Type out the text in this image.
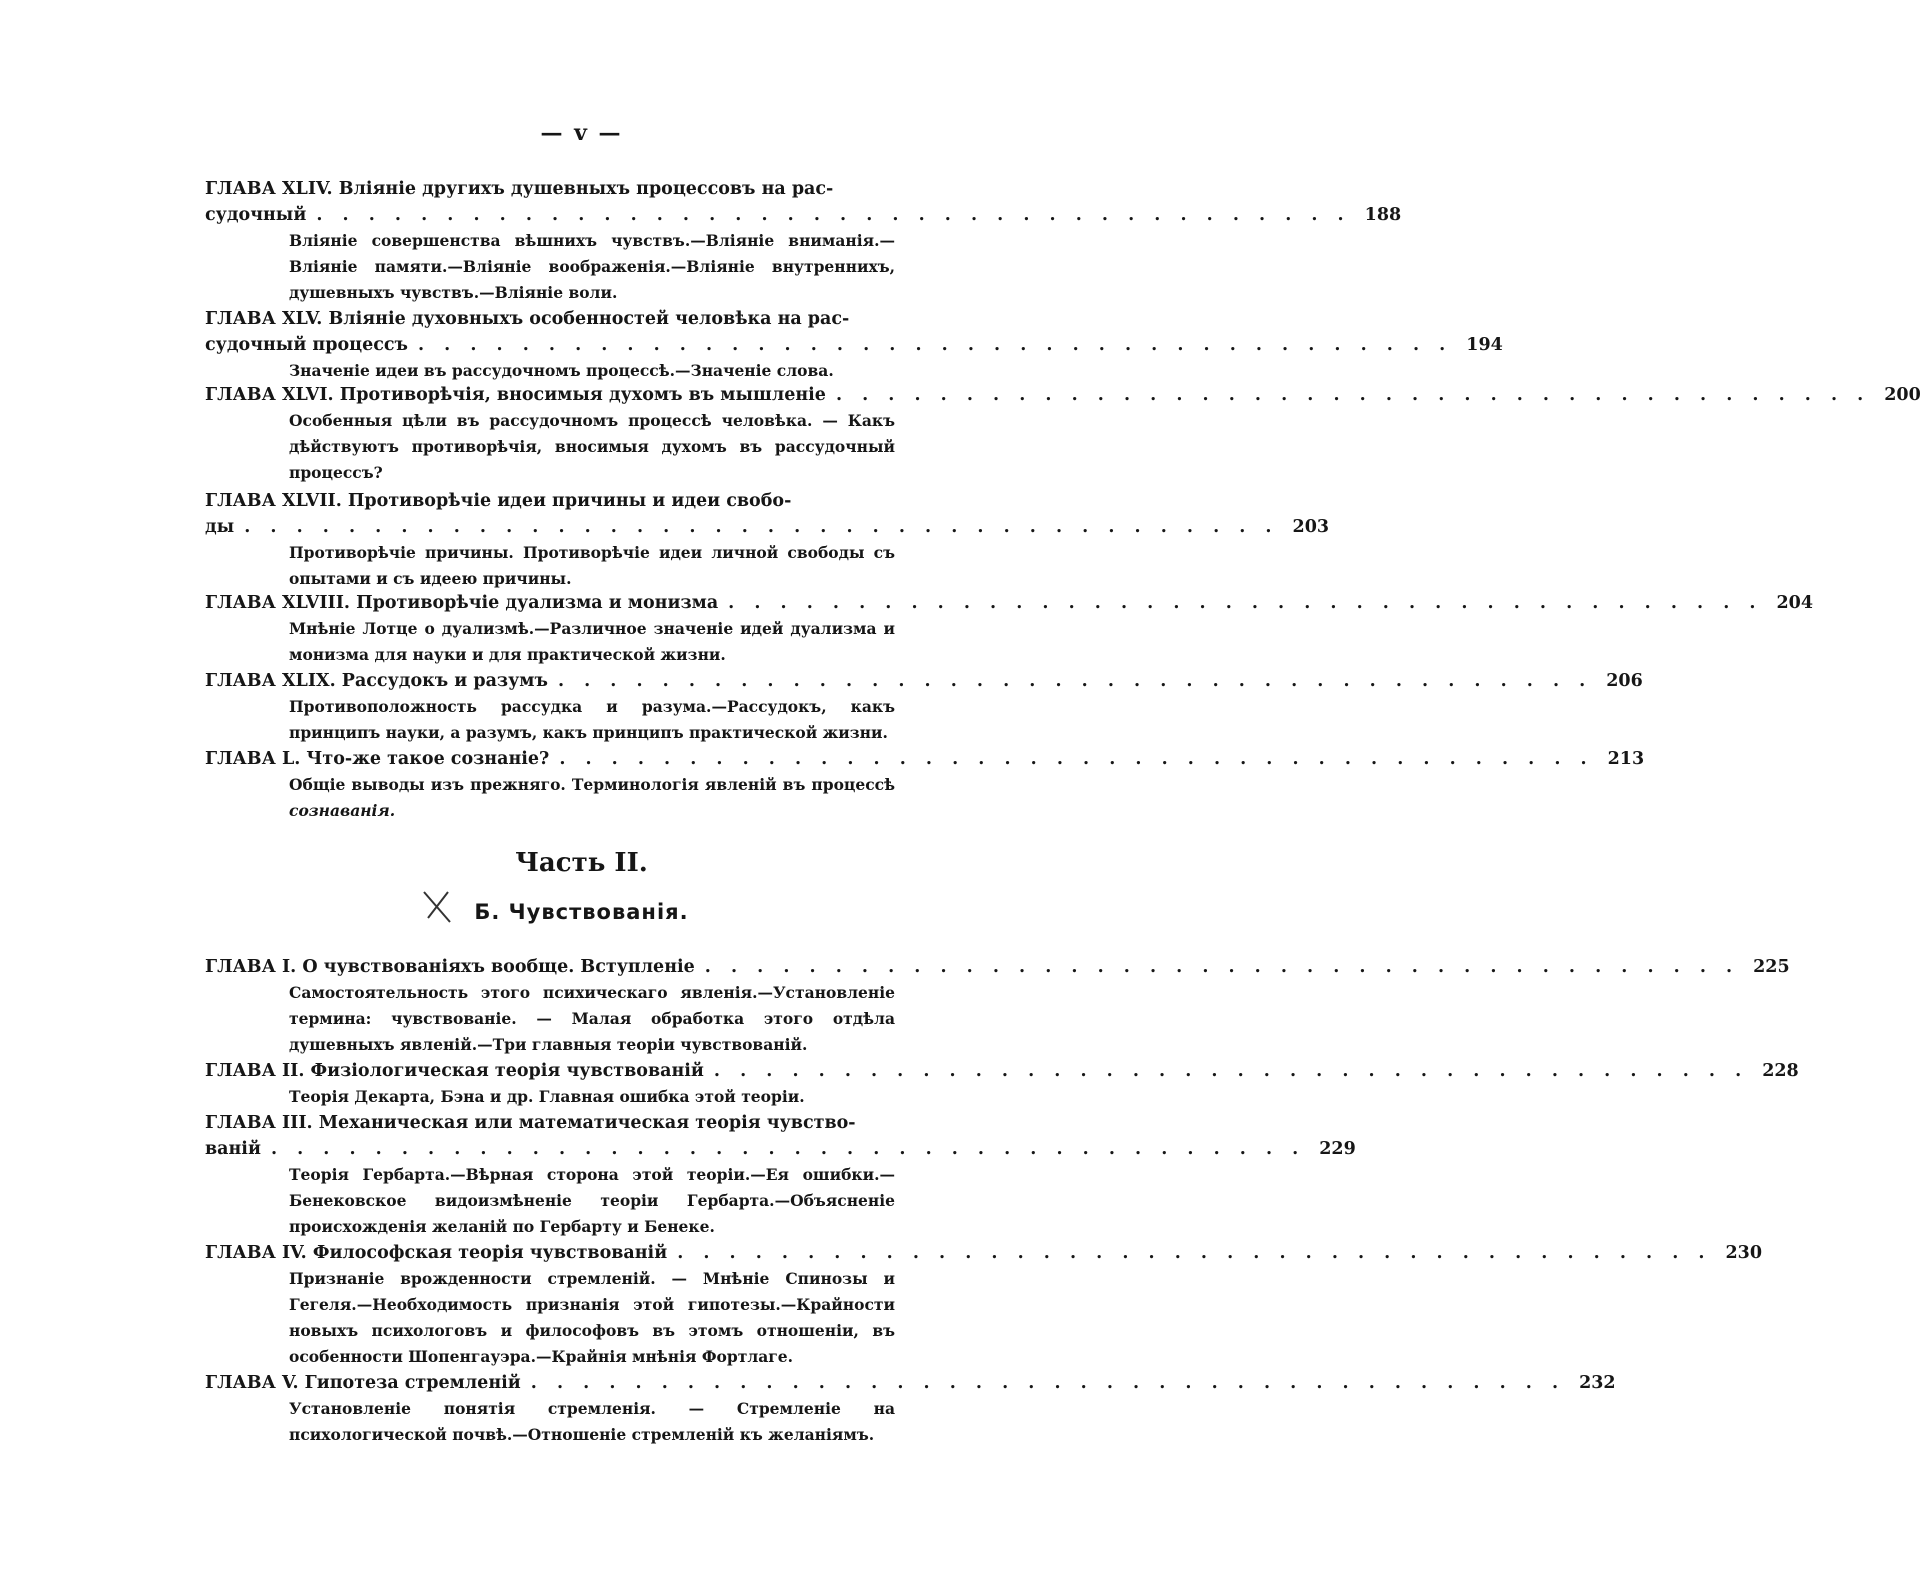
— v —
ГЛАВА XLIV. Вліяніе другихъ душевныхъ процессовъ на рас-
судочный . . . . . . . . . . . . . . . . . . . . . . . . . . . . . . . . . . . . . . . . 188
Вліяніе совершенства вѣшнихъ чувствъ.—Вліяніе вниманія.—Вліяніе памяти.—Вліяніе воображенія.—Вліяніе внутреннихъ, душевныхъ чувствъ.—Вліяніе воли.
ГЛАВА XLV. Вліяніе духовныхъ особенностей человѣка на рас-
судочный процессъ . . . . . . . . . . . . . . . . . . . . . . . . . . . . . . . . . . . . . . . . 194
Значеніе идеи въ рассудочномъ процессѣ.—Значеніе слова.
ГЛАВА XLVI. Противорѣчія, вносимыя духомъ въ мышленіе . . . . . . . . . . . . . . . . . . . . . . . . . . . . . . . . . . . . . . . . 200
Особенныя цѣли въ рассудочномъ процессѣ человѣка. — Какъ дѣйствуютъ противорѣчія, вносимыя духомъ въ рассудочный процессъ?
ГЛАВА XLVII. Противорѣчіе идеи причины и идеи свобо-
ды . . . . . . . . . . . . . . . . . . . . . . . . . . . . . . . . . . . . . . . . 203
Противорѣчіе причины. Противорѣчіе идеи личной свободы съ опытами и съ идеею причины.
ГЛАВА XLVIII. Противорѣчіе дуализма и монизма . . . . . . . . . . . . . . . . . . . . . . . . . . . . . . . . . . . . . . . . 204
Мнѣніе Лотце о дуализмѣ.—Различное значеніе идей дуализма и монизма для науки и для практической жизни.
ГЛАВА XLIX. Рассудокъ и разумъ . . . . . . . . . . . . . . . . . . . . . . . . . . . . . . . . . . . . . . . . 206
Противоположность рассудка и разума.—Рассудокъ, какъ принципъ науки, а разумъ, какъ принципъ практической жизни.
ГЛАВА L. Что-же такое сознаніе? . . . . . . . . . . . . . . . . . . . . . . . . . . . . . . . . . . . . . . . . 213
Общіе выводы изъ прежняго. Терминологія явленій въ процессѣ сознаванія.
Часть II.
Б. Чувствованія.
ГЛАВА I. О чувствованіяхъ вообще. Вступленіе . . . . . . . . . . . . . . . . . . . . . . . . . . . . . . . . . . . . . . . . 225
Самостоятельность этого психическаго явленія.—Установленіе термина: чувствованіе. — Малая обработка этого отдѣла душевныхъ явленій.—Три главныя теоріи чувствованій.
ГЛАВА II. Физіологическая теорія чувствованій . . . . . . . . . . . . . . . . . . . . . . . . . . . . . . . . . . . . . . . . 228
Теорія Декарта, Бэна и др. Главная ошибка этой теоріи.
ГЛАВА III. Механическая или математическая теорія чувство-
ваній . . . . . . . . . . . . . . . . . . . . . . . . . . . . . . . . . . . . . . . . 229
Теорія Гербарта.—Вѣрная сторона этой теоріи.—Ея ошибки.—Бенековское видоизмѣненіе теоріи Гербарта.—Объясненіе происхожденія желаній по Гербарту и Бенеке.
ГЛАВА IV. Философская теорія чувствованій . . . . . . . . . . . . . . . . . . . . . . . . . . . . . . . . . . . . . . . . 230
Признаніе врожденности стремленій. — Мнѣніе Спинозы и Гегеля.—Необходимость признанія этой гипотезы.—Крайности новыхъ психологовъ и философовъ въ этомъ отношеніи, въ особенности Шопенгауэра.—Крайнія мнѣнія Фортлаге.
ГЛАВА V. Гипотеза стремленій . . . . . . . . . . . . . . . . . . . . . . . . . . . . . . . . . . . . . . . . 232
Установленіе понятія стремленія. — Стремленіе на психологической почвѣ.—Отношеніе стремленій къ желаніямъ.
